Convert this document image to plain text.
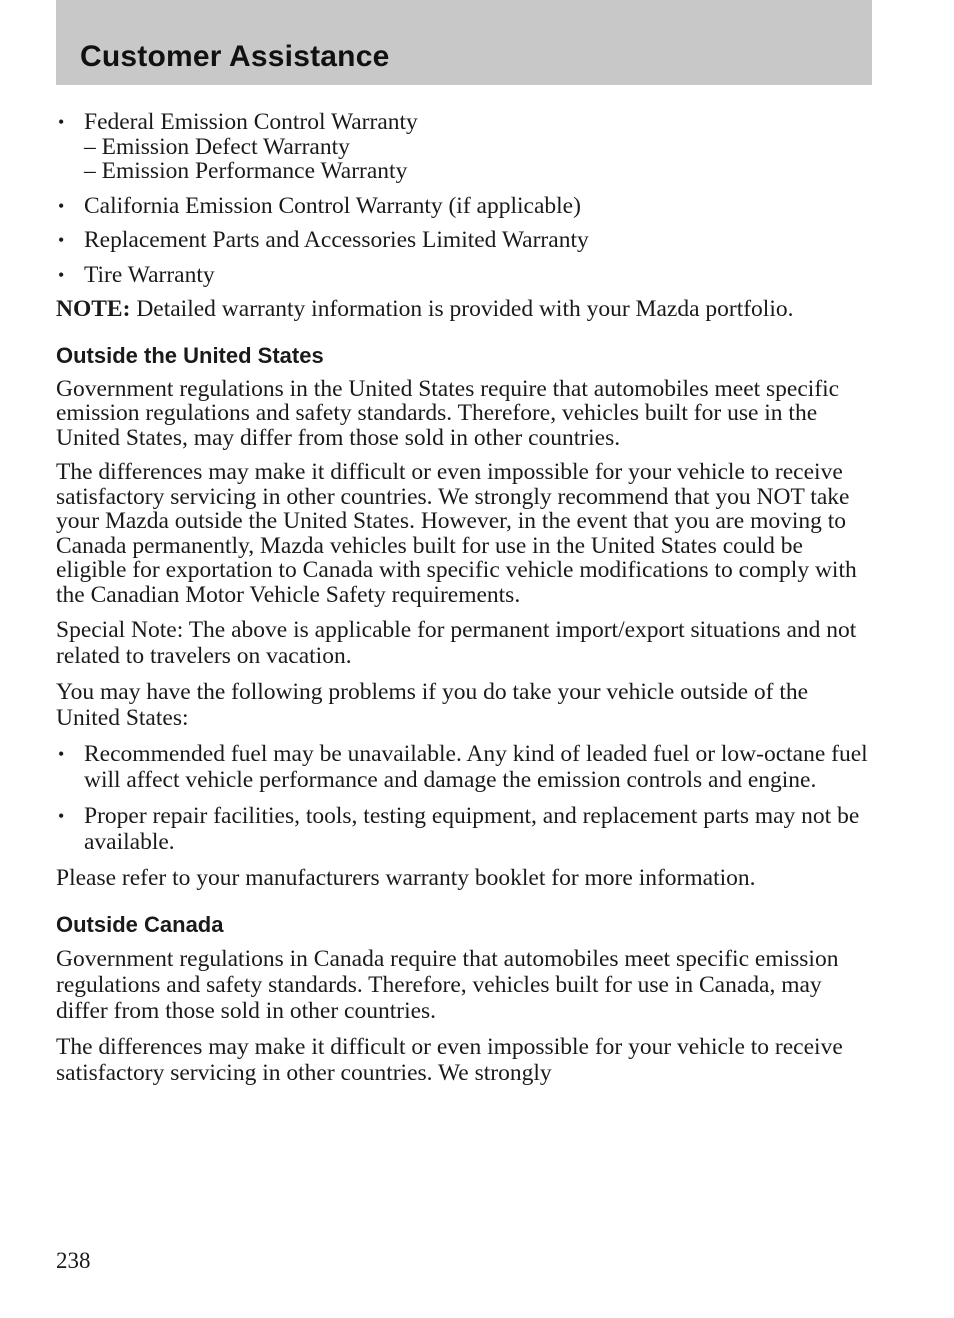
Customer Assistance
• Federal Emission Control Warranty
– Emission Defect Warranty
– Emission Performance Warranty
• California Emission Control Warranty (if applicable)
• Replacement Parts and Accessories Limited Warranty
• Tire Warranty

NOTE: Detailed warranty information is provided with your Mazda portfolio.

Outside the United States

Government regulations in the United States require that automobiles meet specific emission regulations and safety standards. Therefore, vehicles built for use in the United States, may differ from those sold in other countries.

The differences may make it difficult or even impossible for your vehicle to receive satisfactory servicing in other countries. We strongly recommend that you NOT take your Mazda outside the United States. However, in the event that you are moving to Canada permanently, Mazda vehicles built for use in the United States could be eligible for exportation to Canada with specific vehicle modifications to comply with the Canadian Motor Vehicle Safety requirements.

Special Note: The above is applicable for permanent import/export situations and not related to travelers on vacation.

You may have the following problems if you do take your vehicle outside of the United States:

• Recommended fuel may be unavailable. Any kind of leaded fuel or low-octane fuel will affect vehicle performance and damage the emission controls and engine.
• Proper repair facilities, tools, testing equipment, and replacement parts may not be available.

Please refer to your manufacturers warranty booklet for more information.

Outside Canada

Government regulations in Canada require that automobiles meet specific emission regulations and safety standards. Therefore, vehicles built for use in Canada, may differ from those sold in other countries.

The differences may make it difficult or even impossible for your vehicle to receive satisfactory servicing in other countries. We strongly

238
